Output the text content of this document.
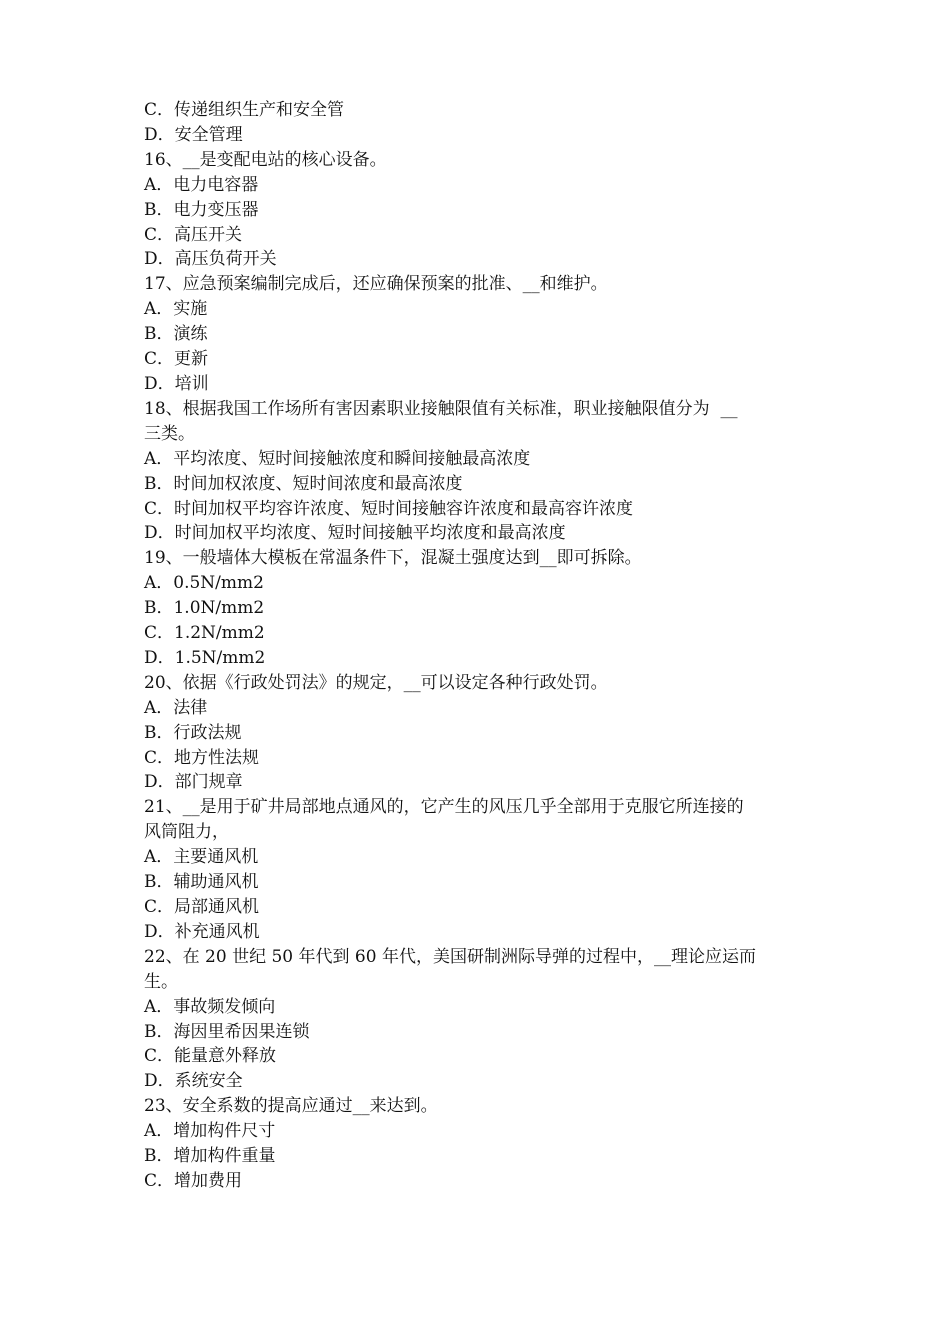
C．传递组织生产和安全管

D．安全管理

16、__是变配电站的核心设备。

A．电力电容器

B．电力变压器

C．高压开关

D．高压负荷开关

17、应急预案编制完成后，还应确保预案的批准、__和维护。

A．实施

B．演练

C．更新

D．培训

18、根据我国工作场所有害因素职业接触限值有关标准，职业接触限值分为  __

三类。

A．平均浓度、短时间接触浓度和瞬间接触最高浓度

B．时间加权浓度、短时间浓度和最高浓度

C．时间加权平均容许浓度、短时间接触容许浓度和最高容许浓度

D．时间加权平均浓度、短时间接触平均浓度和最高浓度

19、一般墙体大模板在常温条件下，混凝土强度达到__即可拆除。

A．0.5N/mm2

B．1.0N/mm2

C．1.2N/mm2

D．1.5N/mm2

20、依据《行政处罚法》的规定，__可以设定各种行政处罚。

A．法律

B．行政法规

C．地方性法规

D．部门规章

21、__是用于矿井局部地点通风的，它产生的风压几乎全部用于克服它所连接的

风筒阻力，

A．主要通风机

B．辅助通风机

C．局部通风机

D．补充通风机

22、在 20 世纪 50 年代到 60 年代，美国研制洲际导弹的过程中，__理论应运而

生。

A．事故频发倾向

B．海因里希因果连锁

C．能量意外释放

D．系统安全

23、安全系数的提高应通过__来达到。

A．增加构件尺寸

B．增加构件重量

C．增加费用
